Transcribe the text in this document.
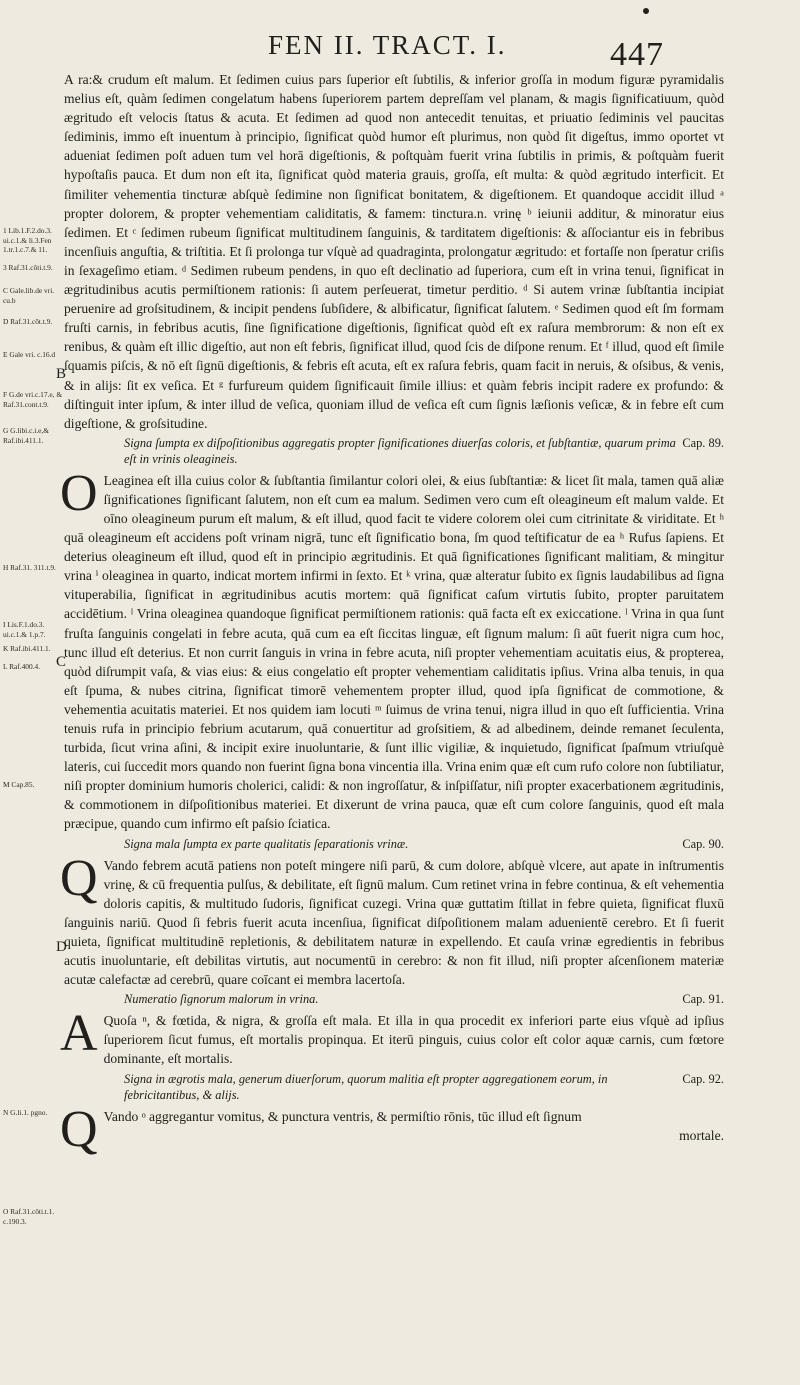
FEN II. TRACT. I.	447
1 Lib.1.F.2.do.3. ui.c.1.& li.3.Fen 1.tr.1.c.7.& 11.
3 Raf.31.cõti.t.9.
C Gale.lib.de vri. cu.b
D Raf.31.cõt.t.9.
E Gale vri. c.16.d
F G.de vri.c.17.e, & Raf.31.cont.t.9.
G G.libi.c.i.e,& Raf.ibi.411.1.
H Raf.31. 311.t.9.
I Lis.F.1.do.3. ui.c.1.& 1.p.7.
K Raf.ibi.411.1.
L Raf.400.4.
M Cap.85.
N G.li.1. pgno.
O Raf.31.cõti.t.1. c.190.3.
B
C
D

A ra:& crudum eſt malum. Et ſedimen cuius pars ſuperior eſt ſubtilis, & inferior groſſa in modum figuræ pyramidalis melius eſt, quàm ſedimen congelatum habens ſuperiorem partem depreſſam vel planam, & magis ſignificatiuum, quòd ægritudo eſt velocis ſtatus & acuta. Et ſedimen ad quod non antecedit tenuitas, et priuatio ſediminis vel paucitas ſediminis, immo eſt inuentum à principio, ſignificat quòd humor eſt plurimus, non quòd ſit digeſtus, immo oportet vt adueniat ſedimen poſt aduen tum vel horā digeſtionis, & poſtquàm fuerit vrina ſubtilis in primis, & poſtquàm fuerit hypoſtaſis pauca. Et dum non eſt ita, ſignificat quòd materia grauis, groſſa, eſt multa: & quòd ægritudo interficit. Et ſimiliter vehementia tincturæ abſquè ſedimine non ſignificat bonitatem, & digeſtionem. Et quandoque accidit illud ᵃ propter dolorem, & propter vehementiam caliditatis, & famem: tinctura.n. vrinę ᵇ ieiunii additur, & minoratur eius ſedimen. Et ᶜ ſedimen rubeum ſignificat multitudinem ſanguinis, & tarditatem digeſtionis: & aſſociantur eis in febribus incenſiuis anguſtia, & triſtitia. Et ſi prolonga tur vſquè ad quadraginta, prolongatur ægritudo: et fortaſſe non ſperatur criſis in ſexageſimo etiam. ᵈ Sedimen rubeum pendens, in quo eſt declinatio ad ſuperiora, cum eſt in vrina tenui, ſignificat in ægritudinibus acutis permiſtionem rationis: ſi autem perſeuerat, timetur perditio. ᵈ Si autem vrinæ ſubſtantia incipiat peruenire ad groſsitudinem, & incipit pendens ſubſidere, & albificatur, ſignificat ſalutem. ᵉ Sedimen quod eſt ſm formam fruſti carnis, in febribus acutis, ſine ſignificatione digeſtionis, ſignificat quòd eſt ex raſura membrorum: & non eſt ex renibus, & quàm eſt illic digeſtio, aut non eſt febris, ſignificat illud, quod ſcis de diſpone renum. Et ᶠ illud, quod eſt ſimile ſquamis piſcis, & nō eſt ſignū digeſtionis, & febris eſt acuta, eſt ex raſura febris, quam facit in neruis, & oſsibus, & venis, & in alijs: ſit ex veſica. Et ᵍ furfureum quidem ſignificauit ſimile illius: et quàm febris incipit radere ex profundo: & diſtinguit inter ipſum, & inter illud de veſica, quoniam illud de veſica eſt cum ſignis læſionis veſicæ, & in febre eſt cum digeſtione, & groſsitudine.

Cap. 89.
Signa ſumpta ex diſpoſitionibus aggregatis propter ſignificationes diuerſas coloris, et ſubſtantiæ, quarum prima eſt in vrinis oleagineis.

O Leaginea eſt illa cuius color & ſubſtantia ſimilantur colori olei, & eius ſubſtantiæ: & licet ſit mala, tamen quā aliæ ſignificationes ſignificant ſalutem, non eſt cum ea malum. Sedimen vero cum eſt oleagineum eſt malum valde. Et oīno oleagineum purum eſt malum, & eſt illud, quod facit te videre colorem olei cum citrinitate & viriditate. Et ʰ quā oleagineum eſt accidens poſt vrinam nigrā, tunc eſt ſignificatio bona, ſm quod teſtificatur de ea ʰ Rufus ſapiens. Et deterius oleagineum eſt illud, quod eſt in principio ægritudinis. Et quā ſignificationes ſignificant malitiam, & mingitur vrina ⁱ oleaginea in quarto, indicat mortem infirmi in ſexto. Et ᵏ vrina, quæ alteratur ſubito ex ſignis laudabilibus ad ſigna vituperabilia, ſignificat in ægritudinibus acutis mortem: quā ſignificat caſum virtutis ſubito, propter paruitatem accidētium. ˡ Vrina oleaginea quandoque ſignificat permiſtionem rationis: quā facta eſt ex exiccatione. ˡ Vrina in qua ſunt fruſta ſanguinis congelati in febre acuta, quā cum ea eſt ſiccitas linguæ, eſt ſignum malum: ſi aūt fuerit nigra cum hoc, tunc illud eſt deterius. Et non currit ſanguis in vrina in febre acuta, niſi propter vehementiam acuitatis eius, & propterea, quòd diſrumpit vaſa, & vias eius: & eius congelatio eſt propter vehementiam caliditatis ipſius. Vrina alba tenuis, in qua eſt ſpuma, & nubes citrina, ſignificat timorē vehementem propter illud, quod ipſa ſignificat de commotione, & vehementia acuitatis materiei. Et nos quidem iam locuti ᵐ ſuimus de vrina tenui, nigra illud in quo eſt ſufficientia. Vrina tenuis rufa in principio febrium acutarum, quā conuertitur ad groſsitiem, & ad albedinem, deinde remanet ſeculenta, turbida, ſicut vrina aſini, & incipit exire inuoluntarie, & ſunt illic vigiliæ, & inquietudo, ſignificat ſpaſmum vtriuſquè lateris, cui ſuccedit mors quando non fuerint ſigna bona vincentia illa. Vrina enim quæ eſt cum rufo colore non ſubtiliatur, niſi propter dominium humoris cholerici, calidi: & non ingroſſatur, & inſpiſſatur, niſi propter exacerbationem ægritudinis, & commotionem in diſpoſitionibus materiei. Et dixerunt de vrina pauca, quæ eſt cum colore ſanguinis, quod eſt mala præcipue, quando cum infirmo eſt paſsio ſciatica.

Cap. 90.
Signa mala ſumpta ex parte qualitatis ſeparationis vrinæ.

Q Vando febrem acutā patiens non poteſt mingere niſi parū, & cum dolore, abſquè vlcere, aut apate in inſtrumentis vrinę, & cū frequentia pulſus, & debilitate, eſt ſignū malum. Cum retinet vrina in febre continua, & eſt vehementia doloris capitis, & multitudo ſudoris, ſignificat cuzegi. Vrina quæ guttatim ſtillat in febre quieta, ſignificat fluxū ſanguinis nariū. Quod ſi febris fuerit acuta incenſiua, ſignificat diſpoſitionem malam aduenientē cerebro. Et ſi fuerit quieta, ſignificat multitudinē repletionis, & debilitatem naturæ in expellendo. Et cauſa vrinæ egredientis in febribus acutis inuoluntarie, eſt debilitas virtutis, aut nocumentū in cerebro: & non fit illud, niſi propter aſcenſionem materiæ acutæ calefactæ ad cerebrū, quare coīcant ei membra lacertoſa.

Cap. 91.
Numeratio ſignorum malorum in vrina.

A Quoſa ⁿ, & fœtida, & nigra, & groſſa eſt mala. Et illa in qua procedit ex inferiori parte eius vſquè ad ipſius ſuperiorem ſicut fumus, eſt mortalis propinqua. Et iterū pinguis, cuius color eſt color aquæ carnis, cum fœtore dominante, eſt mortalis.

Cap. 92.
Signa in ægrotis mala, generum diuerſorum, quorum malitia eſt propter aggregationem eorum, in febricitantibus, & alijs.

Q Vando ᵒ aggregantur vomitus, & punctura ventris, & permiſtio rōnis, tūc illud eſt ſignum

mortale.
